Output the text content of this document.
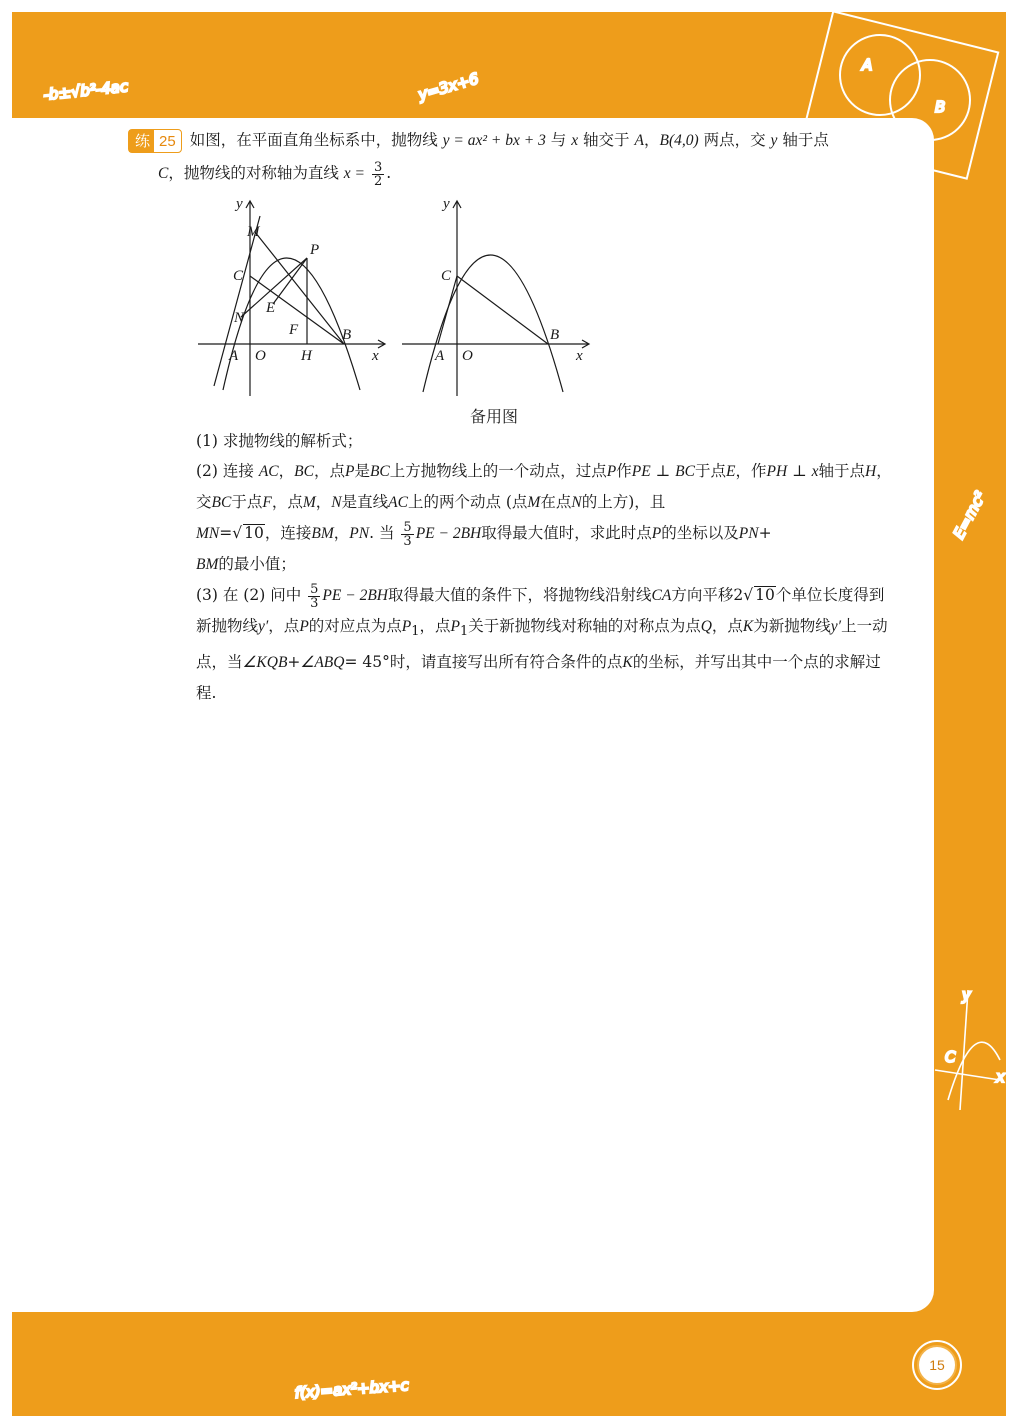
-b±√b²-4ac	y=3x+6
A
B
E=mc²
y
C
x
f(x)=ax²+bx+c
练 25 如图，在平面直角坐标系中，抛物线 y = ax² + bx + 3 与 x 轴交于 A，B(4,0) 两点，交 y 轴于点
C，抛物线的对称轴为直线 $x = \frac{3}{2}$ .
y
M
P
C
E
N
F	B
A O H	x
y
C
B
A O	x
备用图

(1) 求抛物线的解析式；

(2) 连接 AC，BC，点P是BC上方抛物线上的一个动点，过点P作PE ⊥ BC于点E，作PH ⊥ x轴于点H，交BC于点F，点M，N是直线AC上的两个动点 (点M在点N的上方)，且
MN=√ 10，连接BM，PN. 当 $\frac{5}{3}$ PE − 2BH取得最大值时，求此时点P的坐标以及PN+
BM的最小值；

(3) 在 (2) 问中 $\frac{5}{3}$ PE − 2BH取得最大值的条件下，将抛物线沿射线CA方向平移2√ 10个单位长度得到新抛物线y′，点P的对应点为点$P_1$，点$P_1$关于新抛物线对称轴的对称点为点Q，点K为新抛物线y′上一动点，当∠KQB+∠ABQ= 45°时，请直接写出所有符合条件的点K的坐标，并写出其中一个点的求解过程.

15
